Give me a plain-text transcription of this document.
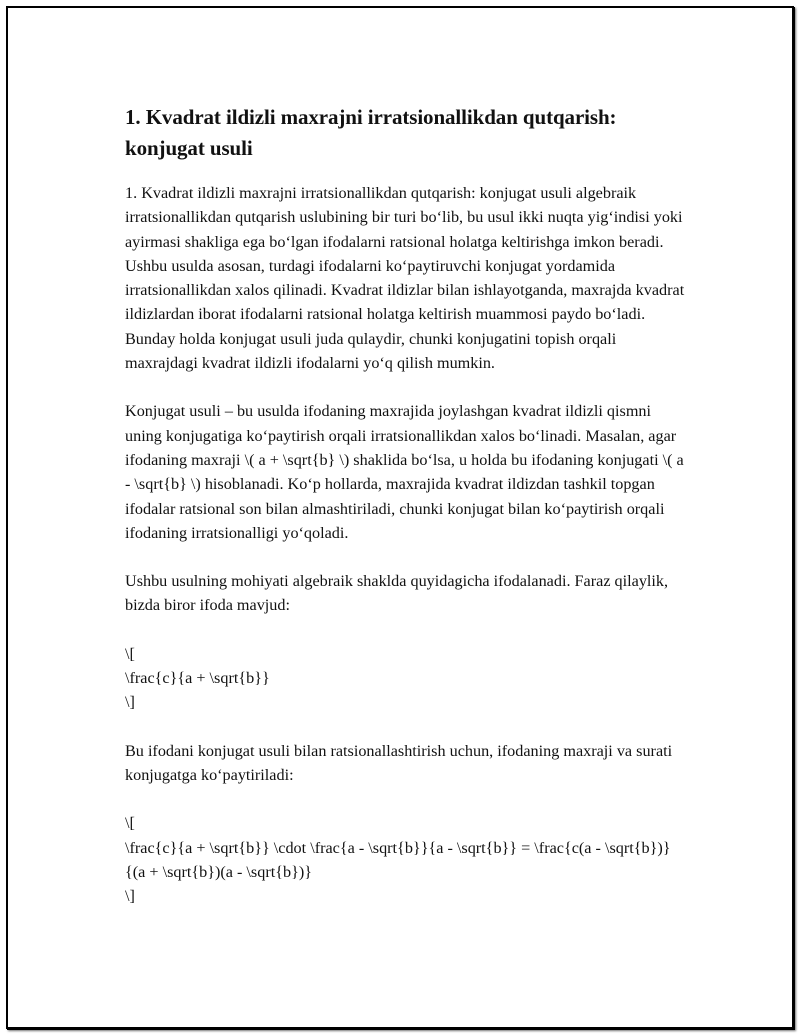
1. Kvadrat ildizli maxrajni irratsionallikdan qutqarish: konjugat usuli

1. Kvadrat ildizli maxrajni irratsionallikdan qutqarish: konjugat usuli algebraik irratsionallikdan qutqarish uslubining bir turi bo‘lib, bu usul ikki nuqta yig‘indisi yoki ayirmasi shakliga ega bo‘lgan ifodalarni ratsional holatga keltirishga imkon beradi. Ushbu usulda asosan, turdagi ifodalarni ko‘paytiruvchi konjugat yordamida irratsionallikdan xalos qilinadi. Kvadrat ildizlar bilan ishlayotganda, maxrajda kvadrat ildizlardan iborat ifodalarni ratsional holatga keltirish muammosi paydo bo‘ladi. Bunday holda konjugat usuli juda qulaydir, chunki konjugatini topish orqali maxrajdagi kvadrat ildizli ifodalarni yo‘q qilish mumkin.

Konjugat usuli – bu usulda ifodaning maxrajida joylashgan kvadrat ildizli qismni uning konjugatiga ko‘paytirish orqali irratsionallikdan xalos bo‘linadi. Masalan, agar ifodaning maxraji \( a + \sqrt{b} \) shaklida bo‘lsa, u holda bu ifodaning konjugati \( a - \sqrt{b} \) hisoblanadi. Ko‘p hollarda, maxrajida kvadrat ildizdan tashkil topgan ifodalar ratsional son bilan almashtiriladi, chunki konjugat bilan ko‘paytirish orqali ifodaning irratsionalligi yo‘qoladi.

Ushbu usulning mohiyati algebraik shaklda quyidagicha ifodalanadi. Faraz qilaylik, bizda biror ifoda mavjud:

\[
\frac{c}{a + \sqrt{b}}
\]

Bu ifodani konjugat usuli bilan ratsionallashtirish uchun, ifodaning maxraji va surati konjugatga ko‘paytiriladi:

\[
\frac{c}{a + \sqrt{b}} \cdot \frac{a - \sqrt{b}}{a - \sqrt{b}} = \frac{c(a - \sqrt{b})}{(a + \sqrt{b})(a - \sqrt{b})}
\]
